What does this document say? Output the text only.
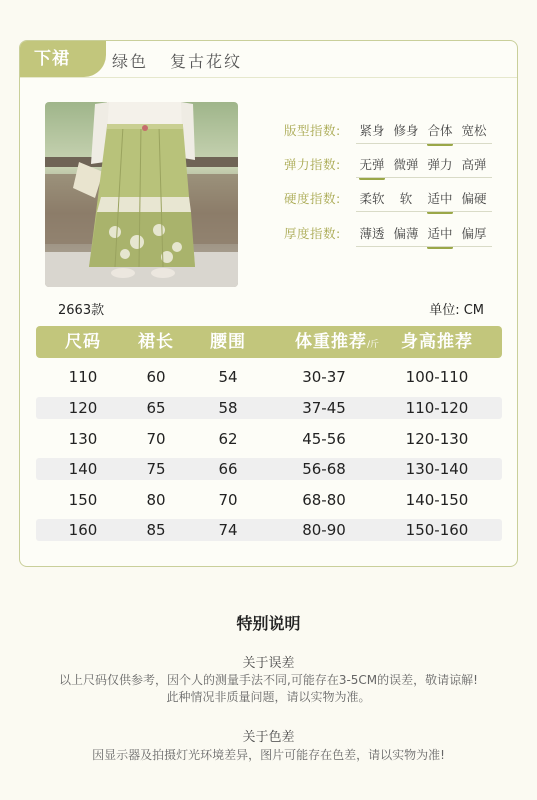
下裙	绿色 复古花纹
版型指数: 紧身 修身 合体 宽松
弹力指数: 无弹 微弹 弹力 高弹
硬度指数: 柔软	软	适中 偏硬
厚度指数: 薄透 偏薄 适中 偏厚
2663款	单位: CM
尺码	裙长	腰围	体重推荐/斤	身高推荐
110	60	54	30-37	100-110
120	65	58	37-45	110-120
130	70	62	45-56	120-130
140	75	66	56-68	130-140
150	80	70	68-80	140-150
160	85	74	80-90	150-160
特别说明
关于误差
以上尺码仅供参考，因个人的测量手法不同,可能存在3-5CM的误差，敬请谅解!
此种情况非质量问题，请以实物为准。
关于色差
因显示器及拍摄灯光环境差异，图片可能存在色差，请以实物为准!
